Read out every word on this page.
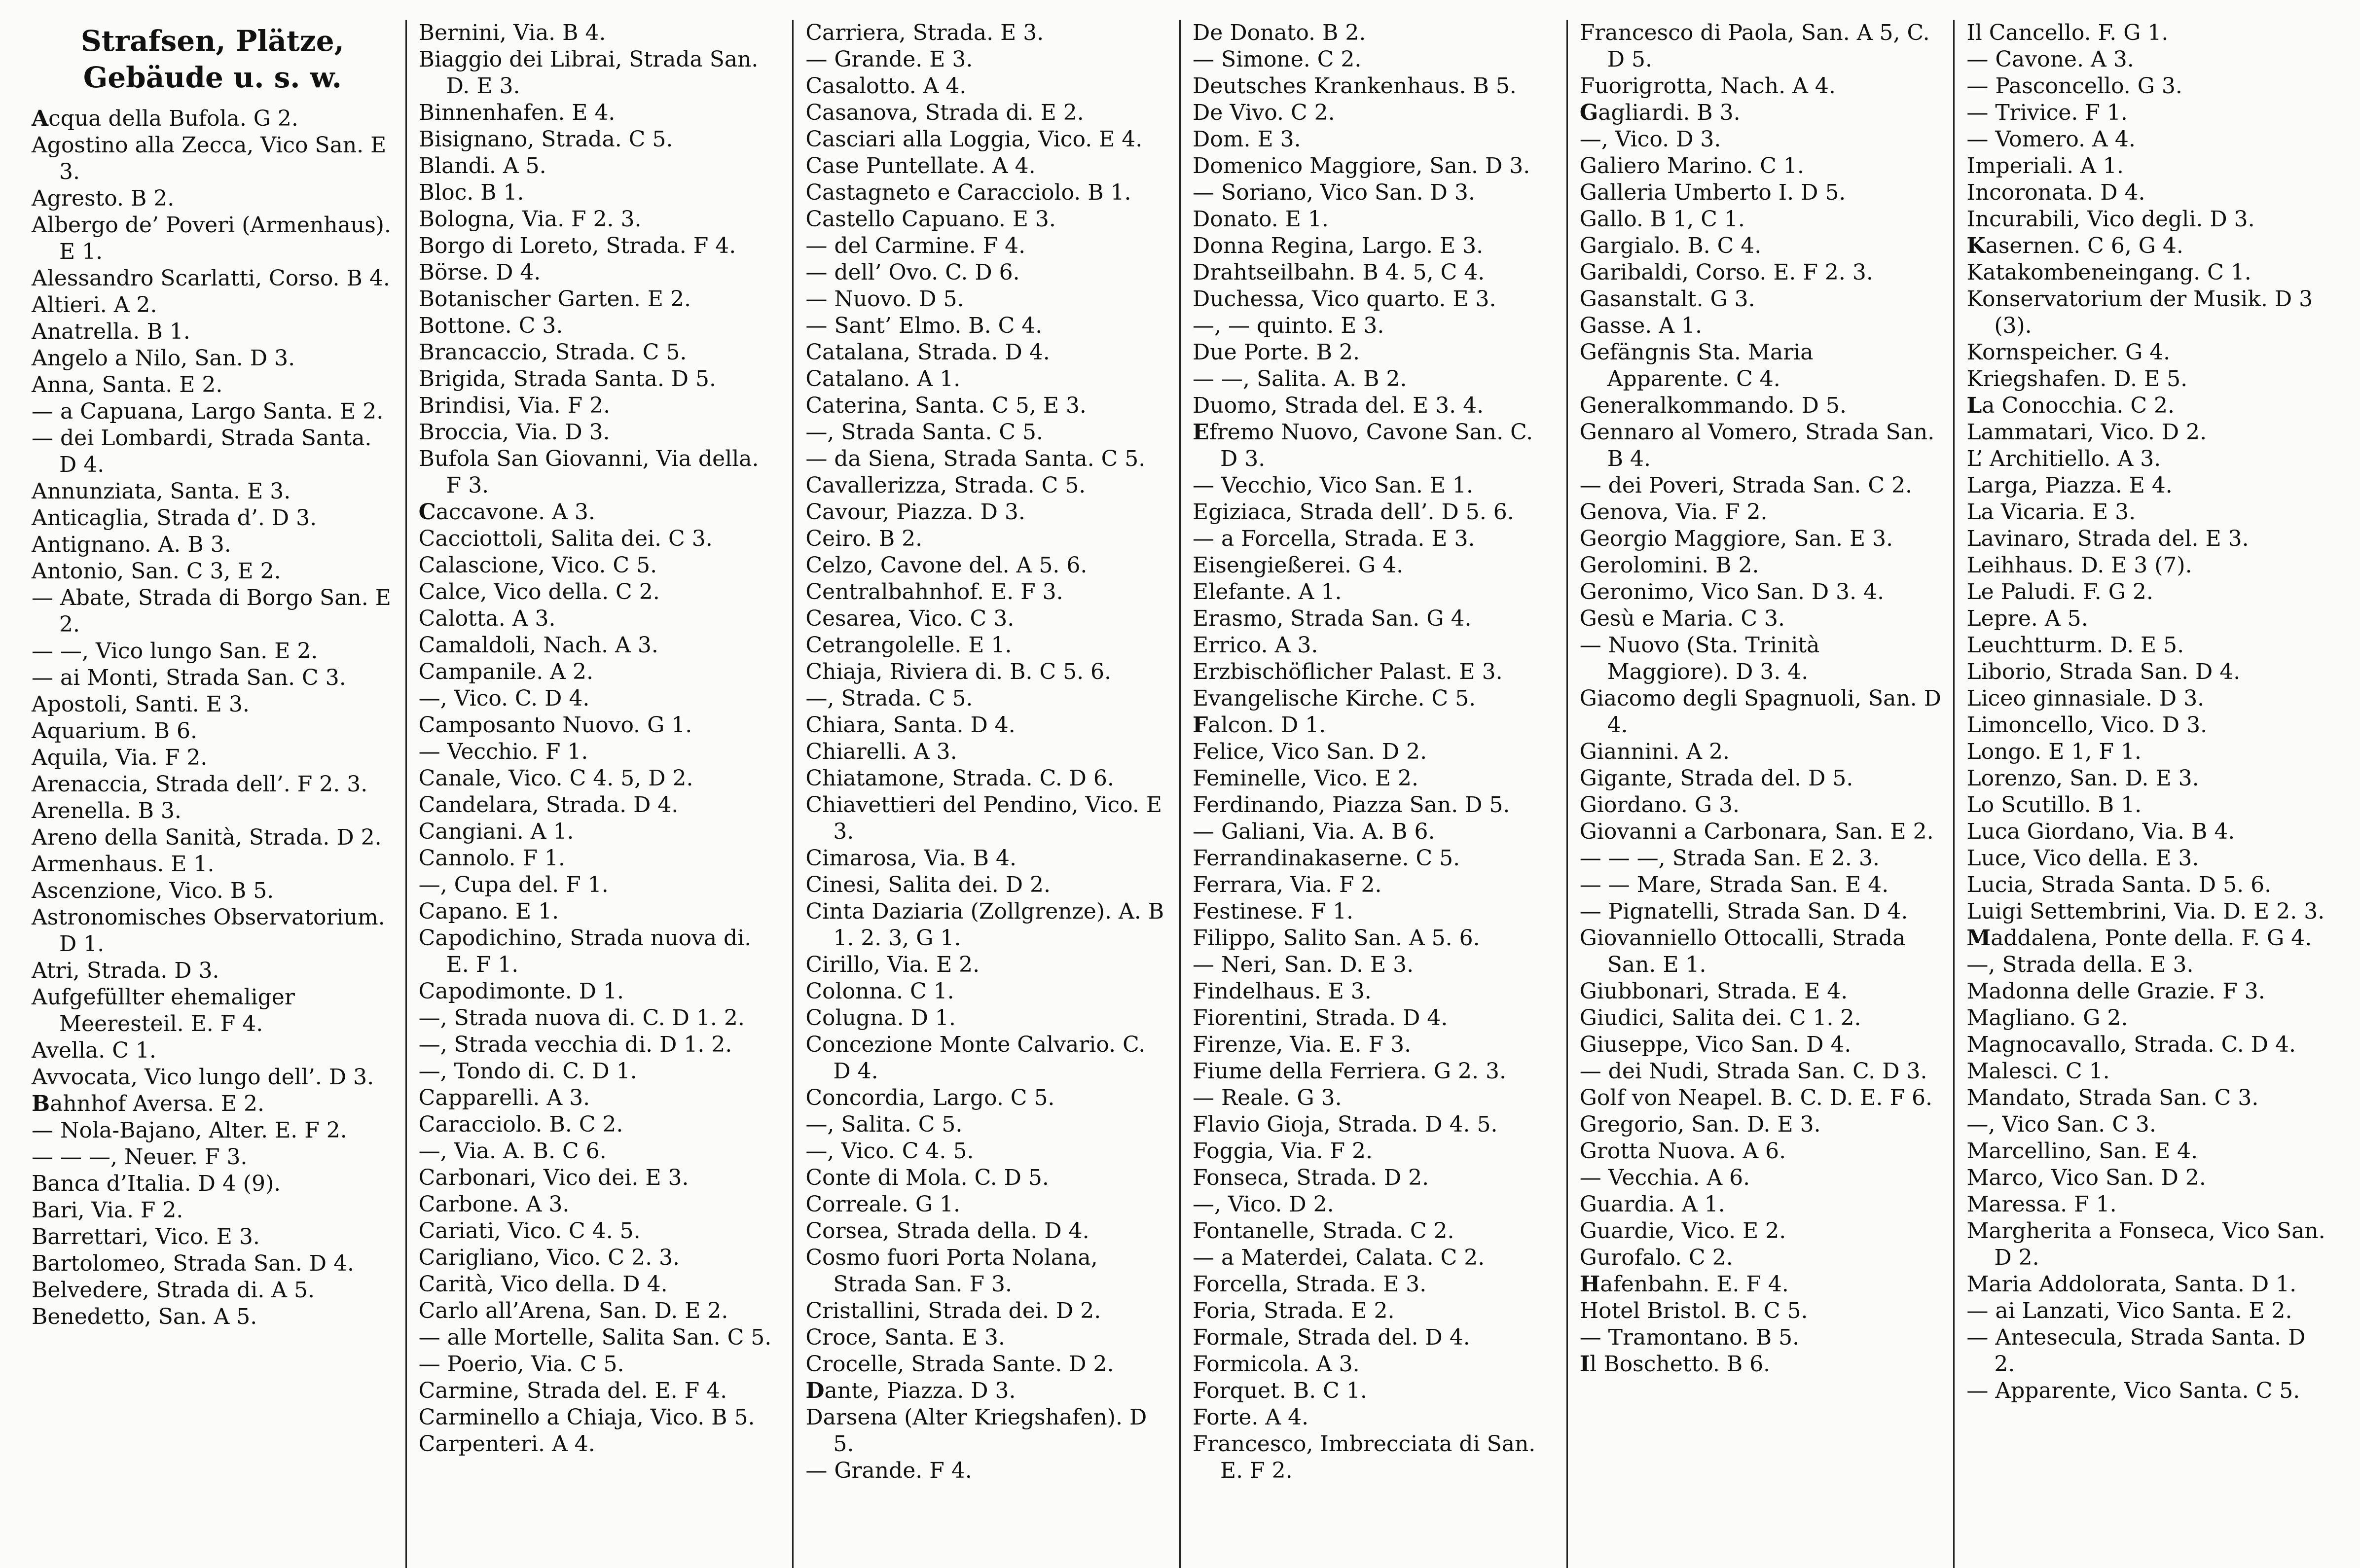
Strafsen, Plätze,
Gebäude u. s. w.
Acqua della Bufola. G 2.
Agostino alla Zecca, Vico San. E 3.
Agresto. B 2.
Albergo de’ Poveri (Armenhaus). E 1.
Alessandro Scarlatti, Corso. B 4.
Altieri. A 2.
Anatrella. B 1.
Angelo a Nilo, San. D 3.
Anna, Santa. E 2.
— a Capuana, Largo Santa. E 2.
— dei Lombardi, Strada Santa. D 4.
Annunziata, Santa. E 3.
Anticaglia, Strada d’. D 3.
Antignano. A. B 3.
Antonio, San. C 3, E 2.
— Abate, Strada di Borgo San. E 2.
— —, Vico lungo San. E 2.
— ai Monti, Strada San. C 3.
Apostoli, Santi. E 3.
Aquarium. B 6.
Aquila, Via. F 2.
Arenaccia, Strada dell’. F 2. 3.
Arenella. B 3.
Areno della Sanità, Strada. D 2.
Armenhaus. E 1.
Ascenzione, Vico. B 5.
Astronomisches Observatorium. D 1.
Atri, Strada. D 3.
Aufgefüllter ehemaliger Meeresteil. E. F 4.
Avella. C 1.
Avvocata, Vico lungo dell’. D 3.
Bahnhof Aversa. E 2.
— Nola-Bajano, Alter. E. F 2.
— — —, Neuer. F 3.
Banca d’Italia. D 4 (9).
Bari, Via. F 2.
Barrettari, Vico. E 3.
Bartolomeo, Strada San. D 4.
Belvedere, Strada di. A 5.
Benedetto, San. A 5.
Bernini, Via. B 4.
Biaggio dei Librai, Strada San. D. E 3.
Binnenhafen. E 4.
Bisignano, Strada. C 5.
Blandi. A 5.
Bloc. B 1.
Bologna, Via. F 2. 3.
Borgo di Loreto, Strada. F 4.
Börse. D 4.
Botanischer Garten. E 2.
Bottone. C 3.
Brancaccio, Strada. C 5.
Brigida, Strada Santa. D 5.
Brindisi, Via. F 2.
Broccia, Via. D 3.
Bufola San Giovanni, Via della. F 3.
Caccavone. A 3.
Cacciottoli, Salita dei. C 3.
Calascione, Vico. C 5.
Calce, Vico della. C 2.
Calotta. A 3.
Camaldoli, Nach. A 3.
Campanile. A 2.
—, Vico. C. D 4.
Camposanto Nuovo. G 1.
— Vecchio. F 1.
Canale, Vico. C 4. 5, D 2.
Candelara, Strada. D 4.
Cangiani. A 1.
Cannolo. F 1.
—, Cupa del. F 1.
Capano. E 1.
Capodichino, Strada nuova di. E. F 1.
Capodimonte. D 1.
—, Strada nuova di. C. D 1. 2.
—, Strada vecchia di. D 1. 2.
—, Tondo di. C. D 1.
Capparelli. A 3.
Caracciolo. B. C 2.
—, Via. A. B. C 6.
Carbonari, Vico dei. E 3.
Carbone. A 3.
Cariati, Vico. C 4. 5.
Carigliano, Vico. C 2. 3.
Carità, Vico della. D 4.
Carlo all’Arena, San. D. E 2.
— alle Mortelle, Salita San. C 5.
— Poerio, Via. C 5.
Carmine, Strada del. E. F 4.
Carminello a Chiaja, Vico. B 5.
Carpenteri. A 4.
Carriera, Strada. E 3.
— Grande. E 3.
Casalotto. A 4.
Casanova, Strada di. E 2.
Casciari alla Loggia, Vico. E 4.
Case Puntellate. A 4.
Castagneto e Caracciolo. B 1.
Castello Capuano. E 3.
— del Carmine. F 4.
— dell’ Ovo. C. D 6.
— Nuovo. D 5.
— Sant’ Elmo. B. C 4.
Catalana, Strada. D 4.
Catalano. A 1.
Caterina, Santa. C 5, E 3.
—, Strada Santa. C 5.
— da Siena, Strada Santa. C 5.
Cavallerizza, Strada. C 5.
Cavour, Piazza. D 3.
Ceiro. B 2.
Celzo, Cavone del. A 5. 6.
Centralbahnhof. E. F 3.
Cesarea, Vico. C 3.
Cetrangolelle. E 1.
Chiaja, Riviera di. B. C 5. 6.
—, Strada. C 5.
Chiara, Santa. D 4.
Chiarelli. A 3.
Chiatamone, Strada. C. D 6.
Chiavettieri del Pendino, Vico. E 3.
Cimarosa, Via. B 4.
Cinesi, Salita dei. D 2.
Cinta Daziaria (Zollgrenze). A. B 1. 2. 3, G 1.
Cirillo, Via. E 2.
Colonna. C 1.
Colugna. D 1.
Concezione Monte Calvario. C. D 4.
Concordia, Largo. C 5.
—, Salita. C 5.
—, Vico. C 4. 5.
Conte di Mola. C. D 5.
Correale. G 1.
Corsea, Strada della. D 4.
Cosmo fuori Porta Nolana, Strada San. F 3.
Cristallini, Strada dei. D 2.
Croce, Santa. E 3.
Crocelle, Strada Sante. D 2.
Dante, Piazza. D 3.
Darsena (Alter Kriegshafen). D 5.
— Grande. F 4.
De Donato. B 2.
— Simone. C 2.
Deutsches Krankenhaus. B 5.
De Vivo. C 2.
Dom. E 3.
Domenico Maggiore, San. D 3.
— Soriano, Vico San. D 3.
Donato. E 1.
Donna Regina, Largo. E 3.
Drahtseilbahn. B 4. 5, C 4.
Duchessa, Vico quarto. E 3.
—, — quinto. E 3.
Due Porte. B 2.
— —, Salita. A. B 2.
Duomo, Strada del. E 3. 4.
Efremo Nuovo, Cavone San. C. D 3.
— Vecchio, Vico San. E 1.
Egiziaca, Strada dell’. D 5. 6.
— a Forcella, Strada. E 3.
Eisengießerei. G 4.
Elefante. A 1.
Erasmo, Strada San. G 4.
Errico. A 3.
Erzbischöflicher Palast. E 3.
Evangelische Kirche. C 5.
Falcon. D 1.
Felice, Vico San. D 2.
Feminelle, Vico. E 2.
Ferdinando, Piazza San. D 5.
— Galiani, Via. A. B 6.
Ferrandinakaserne. C 5.
Ferrara, Via. F 2.
Festinese. F 1.
Filippo, Salito San. A 5. 6.
— Neri, San. D. E 3.
Findelhaus. E 3.
Fiorentini, Strada. D 4.
Firenze, Via. E. F 3.
Fiume della Ferriera. G 2. 3.
— Reale. G 3.
Flavio Gioja, Strada. D 4. 5.
Foggia, Via. F 2.
Fonseca, Strada. D 2.
—, Vico. D 2.
Fontanelle, Strada. C 2.
— a Materdei, Calata. C 2.
Forcella, Strada. E 3.
Foria, Strada. E 2.
Formale, Strada del. D 4.
Formicola. A 3.
Forquet. B. C 1.
Forte. A 4.
Francesco, Imbrecciata di San. E. F 2.
Francesco di Paola, San. A 5, C. D 5.
Fuorigrotta, Nach. A 4.
Gagliardi. B 3.
—, Vico. D 3.
Galiero Marino. C 1.
Galleria Umberto I. D 5.
Gallo. B 1, C 1.
Gargialo. B. C 4.
Garibaldi, Corso. E. F 2. 3.
Gasanstalt. G 3.
Gasse. A 1.
Gefängnis Sta. Maria Apparente. C 4.
Generalkommando. D 5.
Gennaro al Vomero, Strada San. B 4.
— dei Poveri, Strada San. C 2.
Genova, Via. F 2.
Georgio Maggiore, San. E 3.
Gerolomini. B 2.
Geronimo, Vico San. D 3. 4.
Gesù e Maria. C 3.
— Nuovo (Sta. Trinità Maggiore). D 3. 4.
Giacomo degli Spagnuoli, San. D 4.
Giannini. A 2.
Gigante, Strada del. D 5.
Giordano. G 3.
Giovanni a Carbonara, San. E 2.
— — —, Strada San. E 2. 3.
— — Mare, Strada San. E 4.
— Pignatelli, Strada San. D 4.
Giovanniello Ottocalli, Strada San. E 1.
Giubbonari, Strada. E 4.
Giudici, Salita dei. C 1. 2.
Giuseppe, Vico San. D 4.
— dei Nudi, Strada San. C. D 3.
Golf von Neapel. B. C. D. E. F 6.
Gregorio, San. D. E 3.
Grotta Nuova. A 6.
— Vecchia. A 6.
Guardia. A 1.
Guardie, Vico. E 2.
Gurofalo. C 2.
Hafenbahn. E. F 4.
Hotel Bristol. B. C 5.
— Tramontano. B 5.
Il Boschetto. B 6.
Il Cancello. F. G 1.
— Cavone. A 3.
— Pasconcello. G 3.
— Trivice. F 1.
— Vomero. A 4.
Imperiali. A 1.
Incoronata. D 4.
Incurabili, Vico degli. D 3.
Kasernen. C 6, G 4.
Katakombeneingang. C 1.
Konservatorium der Musik. D 3 (3).
Kornspeicher. G 4.
Kriegshafen. D. E 5.
La Conocchia. C 2.
Lammatari, Vico. D 2.
L’ Architiello. A 3.
Larga, Piazza. E 4.
La Vicaria. E 3.
Lavinaro, Strada del. E 3.
Leihhaus. D. E 3 (7).
Le Paludi. F. G 2.
Lepre. A 5.
Leuchtturm. D. E 5.
Liborio, Strada San. D 4.
Liceo ginnasiale. D 3.
Limoncello, Vico. D 3.
Longo. E 1, F 1.
Lorenzo, San. D. E 3.
Lo Scutillo. B 1.
Luca Giordano, Via. B 4.
Luce, Vico della. E 3.
Lucia, Strada Santa. D 5. 6.
Luigi Settembrini, Via. D. E 2. 3.
Maddalena, Ponte della. F. G 4.
—, Strada della. E 3.
Madonna delle Grazie. F 3.
Magliano. G 2.
Magnocavallo, Strada. C. D 4.
Malesci. C 1.
Mandato, Strada San. C 3.
—, Vico San. C 3.
Marcellino, San. E 4.
Marco, Vico San. D 2.
Maressa. F 1.
Margherita a Fonseca, Vico San. D 2.
Maria Addolorata, Santa. D 1.
— ai Lanzati, Vico Santa. E 2.
— Antesecula, Strada Santa. D 2.
— Apparente, Vico Santa. C 5.
